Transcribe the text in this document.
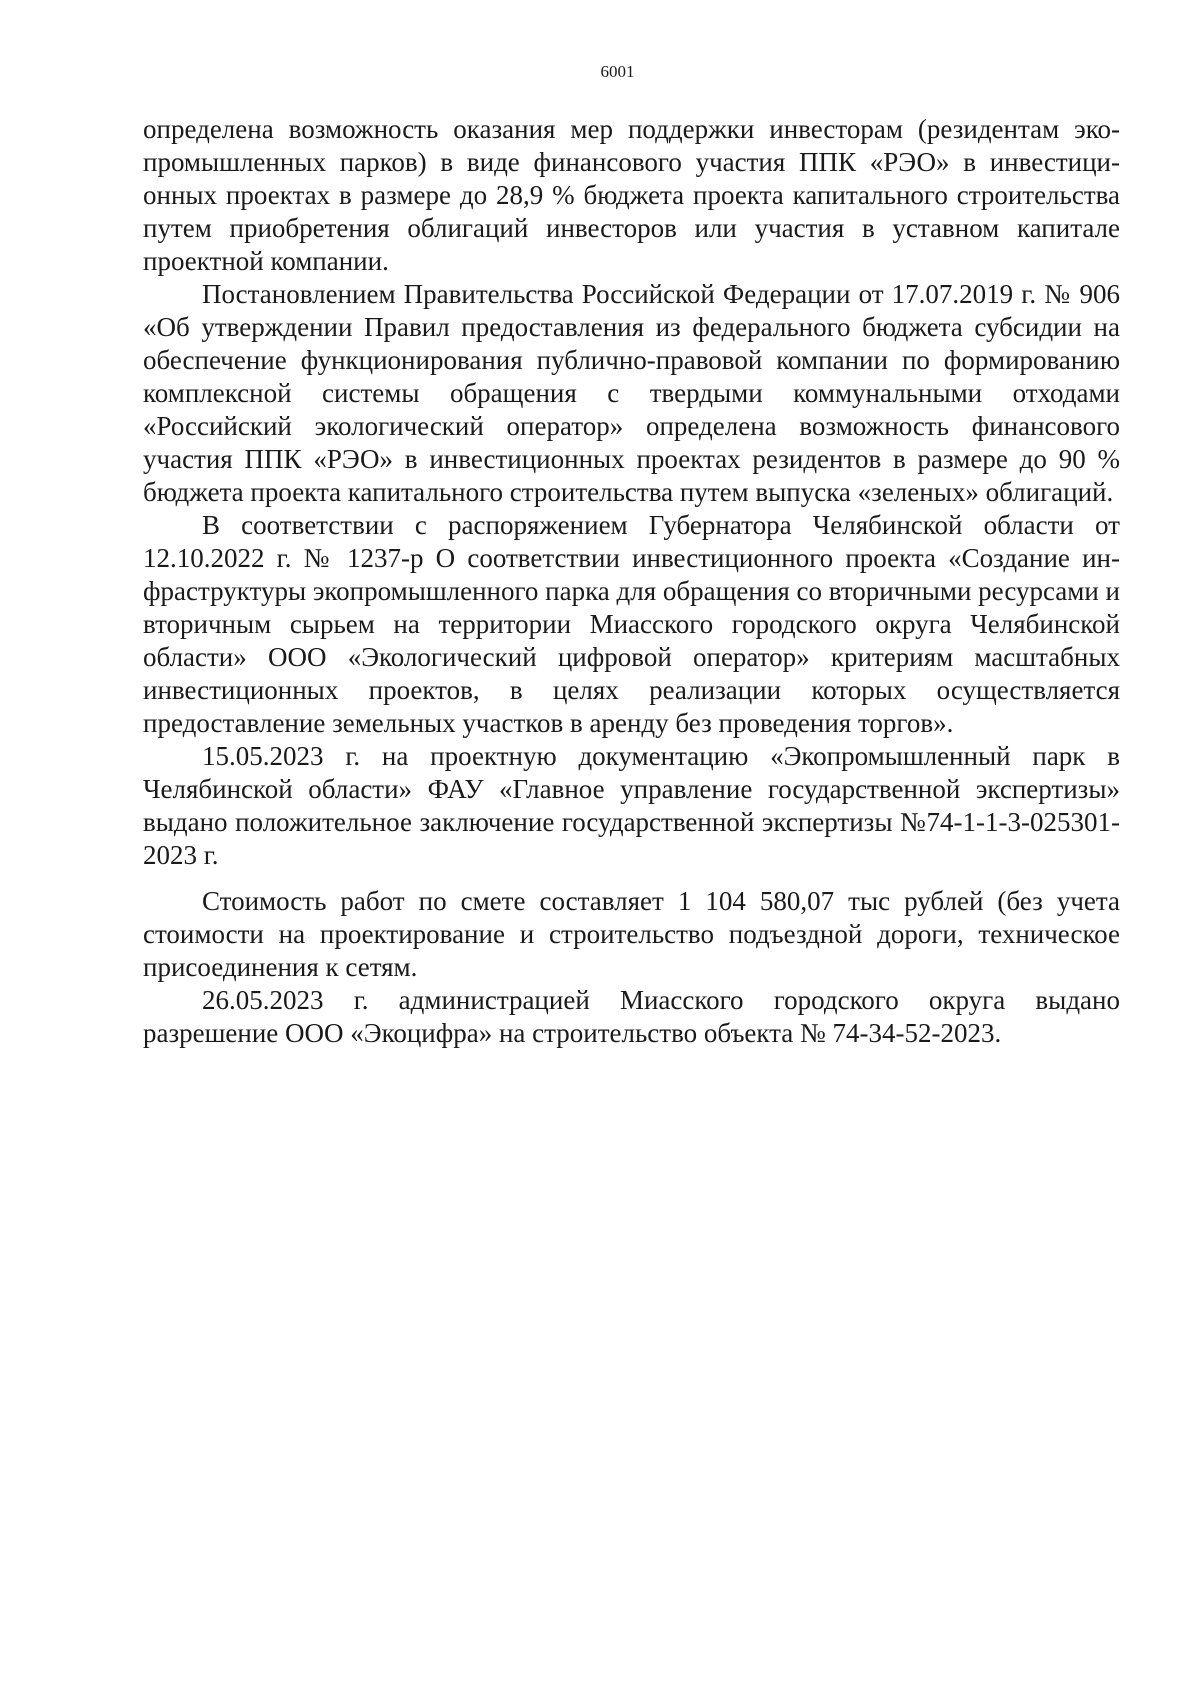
6001

определена возможность оказания мер поддержки инвесторам (резидентам экопромышленных парков) в виде финансового участия ППК «РЭО» в инвестиционных проектах в размере до 28,9 % бюджета проекта капитального строительства путем приобретения облигаций инвесторов или участия в уставном капитале проектной компании.

Постановлением Правительства Российской Федерации от 17.07.2019 г. № 906 «Об утверждении Правил предоставления из федерального бюджета субсидии на обеспечение функционирования публично-правовой компании по формированию комплексной системы обращения с твердыми коммунальными отходами «Российский экологический оператор» определена возможность финансового участия ППК «РЭО» в инвестиционных проектах резидентов в размере до 90 % бюджета проекта капитального строительства путем выпуска «зеленых» облигаций.

В соответствии с распоряжением Губернатора Челябинской области от 12.10.2022 г. № 1237-р О соответствии инвестиционного проекта «Создание инфраструктуры экопромышленного парка для обращения со вторичными ресурсами и вторичным сырьем на территории Миасского городского округа Челябинской области» ООО «Экологический цифровой оператор» критериям масштабных инвестиционных проектов, в целях реализации которых осуществляется предоставление земельных участков в аренду без проведения торгов».

15.05.2023 г. на проектную документацию «Экопромышленный парк в Челябинской области» ФАУ «Главное управление государственной экспертизы» выдано положительное заключение государственной экспертизы №74-1-1-3-025301-2023 г.

Стоимость работ по смете составляет 1 104 580,07 тыс рублей (без учета стоимости на проектирование и строительство подъездной дороги, техническое присоединения к сетям.

26.05.2023 г. администрацией Миасского городского округа выдано разрешение ООО «Экоцифра» на строительство объекта № 74-34-52-2023.
